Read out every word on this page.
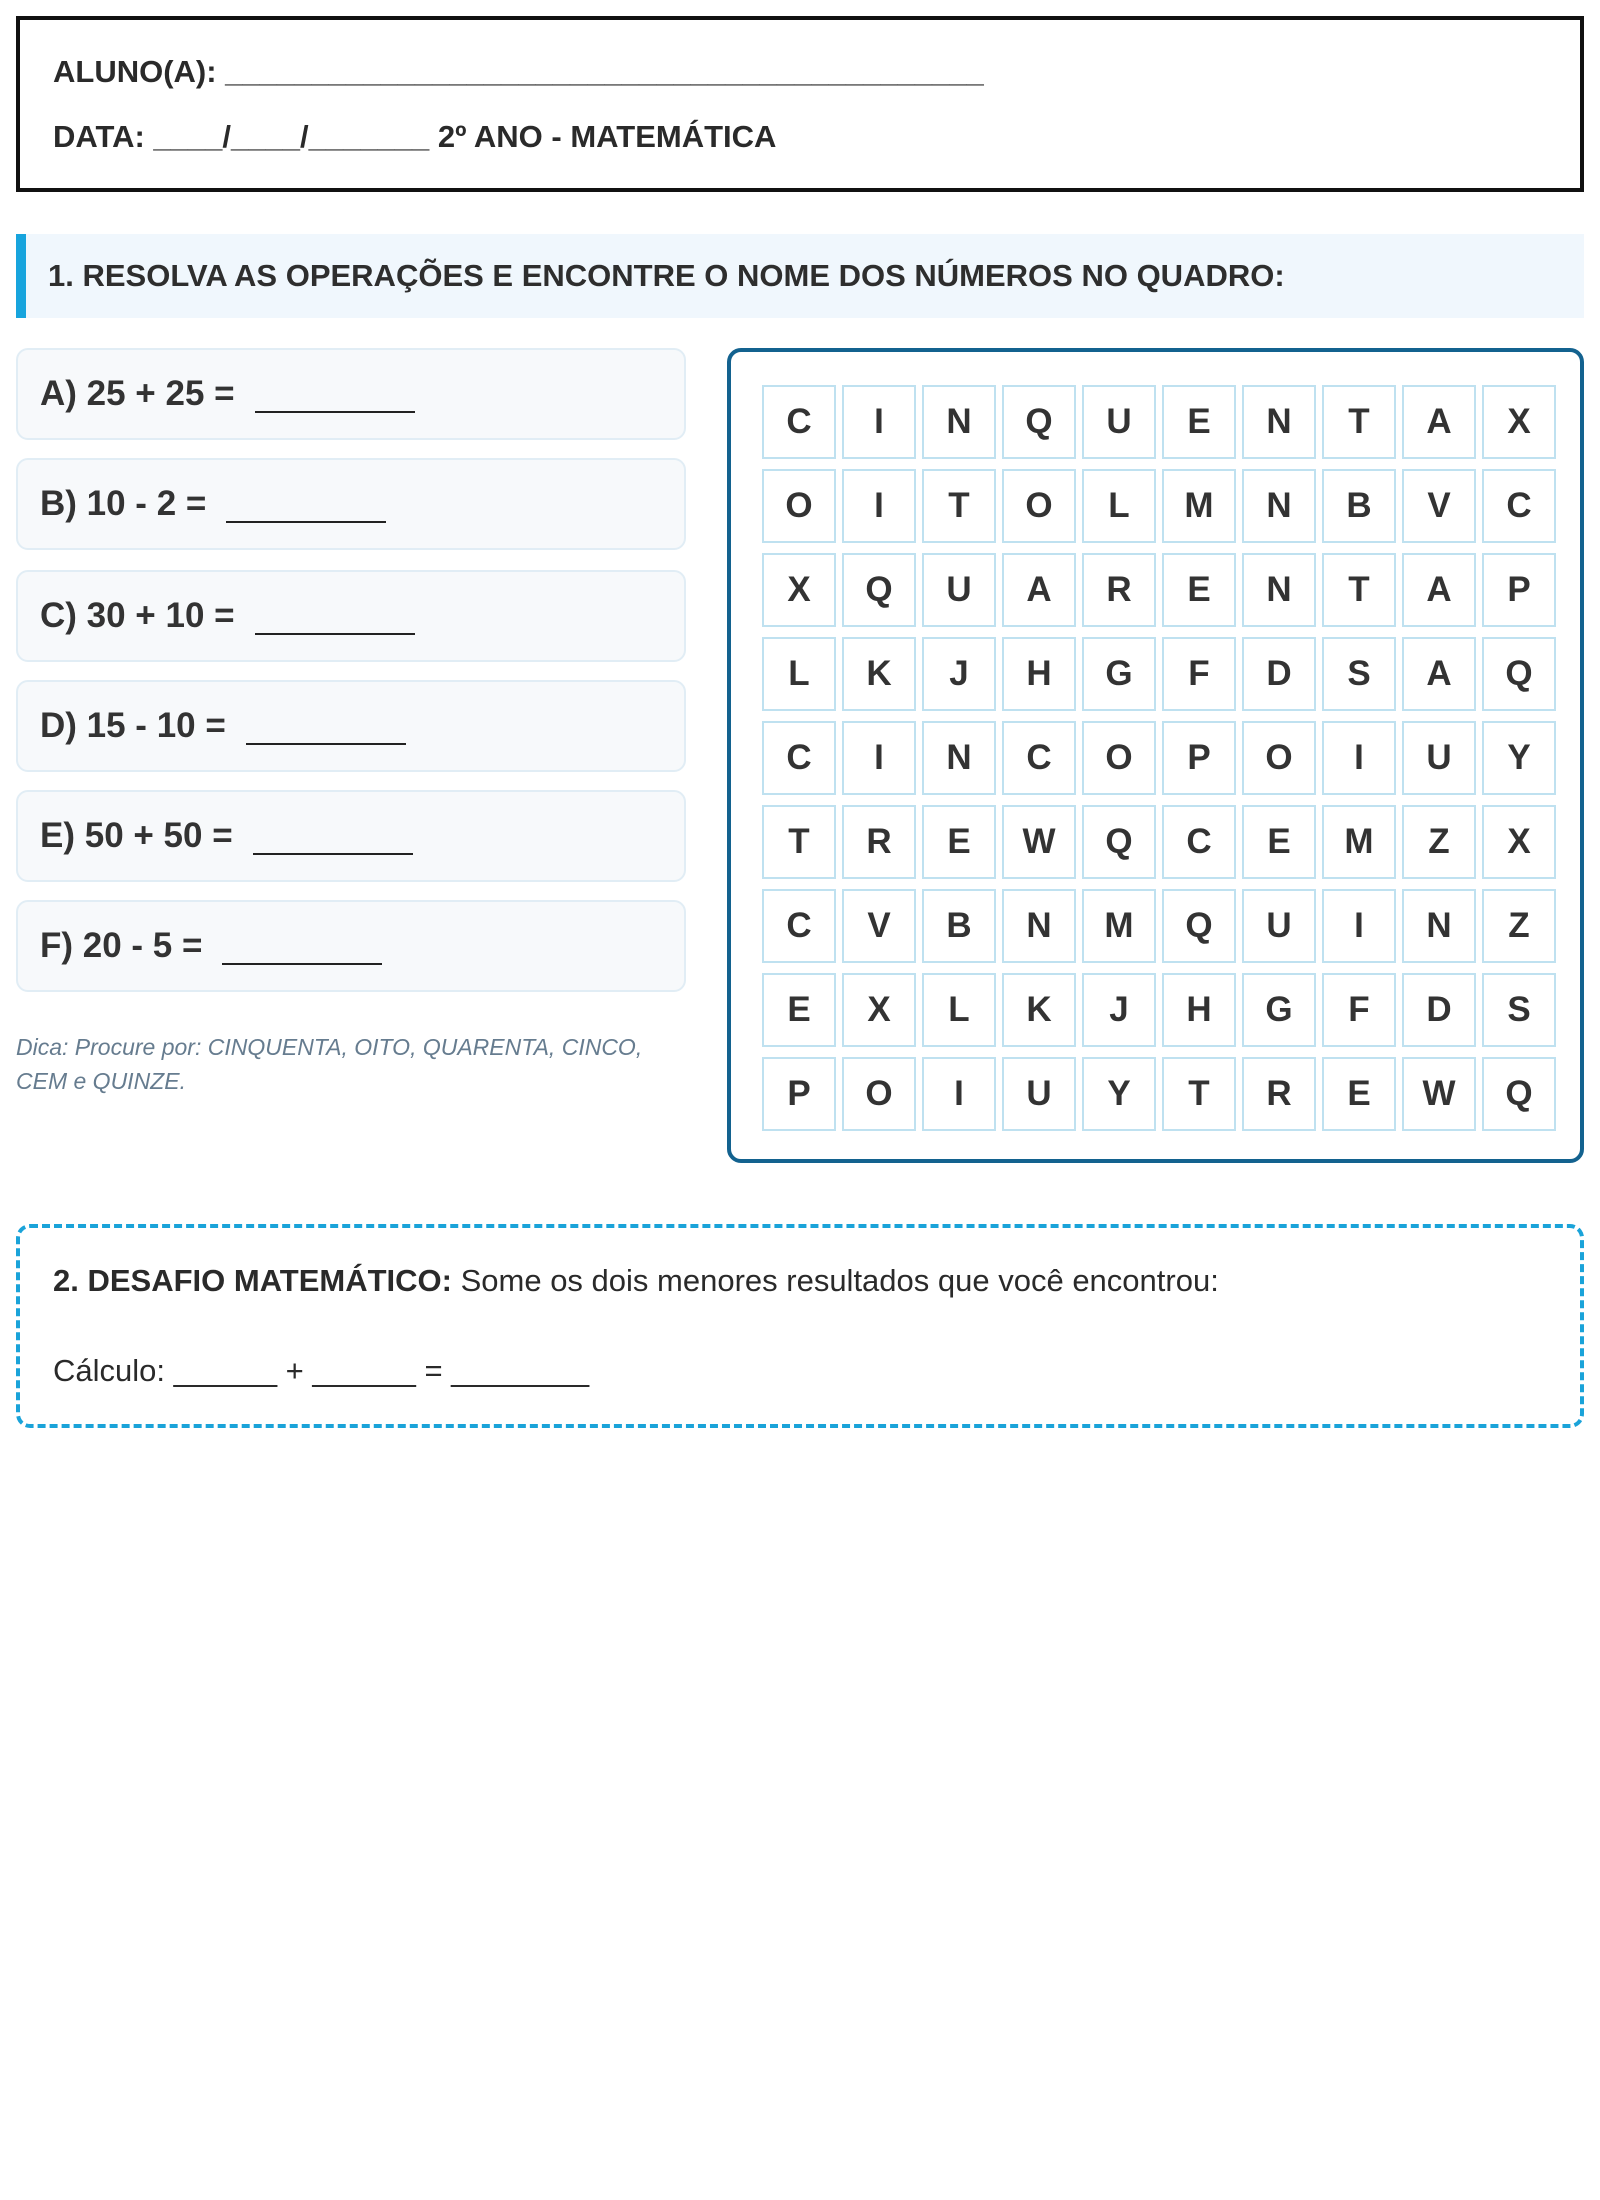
ALUNO(A): ____________________________________________
DATA: ____/____/_______ 2º ANO - MATEMÁTICA
1. RESOLVA AS OPERAÇÕES E ENCONTRE O NOME DOS NÚMEROS NO QUADRO:
A) 25 + 25 =
B) 10 - 2 =
C) 30 + 10 =
D) 15 - 10 =
E) 50 + 50 =
F) 20 - 5 =
Dica: Procure por: CINQUENTA, OITO, QUARENTA, CINCO, CEM e QUINZE.
C	I	N	Q	U	E	N	T	A	X
O	I	T	O	L	M	N	B	V	C
X	Q	U	A	R	E	N	T	A	P
L	K	J	H	G	F	D	S	A	Q
C	I	N	C	O	P	O	I	U	Y
T	R	E	W	Q	C	E	M	Z	X
C	V	B	N	M	Q	U	I	N	Z
E	X	L	K	J	H	G	F	D	S
P	O	I	U	Y	T	R	E	W	Q
2. DESAFIO MATEMÁTICO: Some os dois menores resultados que você encontrou:
Cálculo: ______ + ______ = ________
